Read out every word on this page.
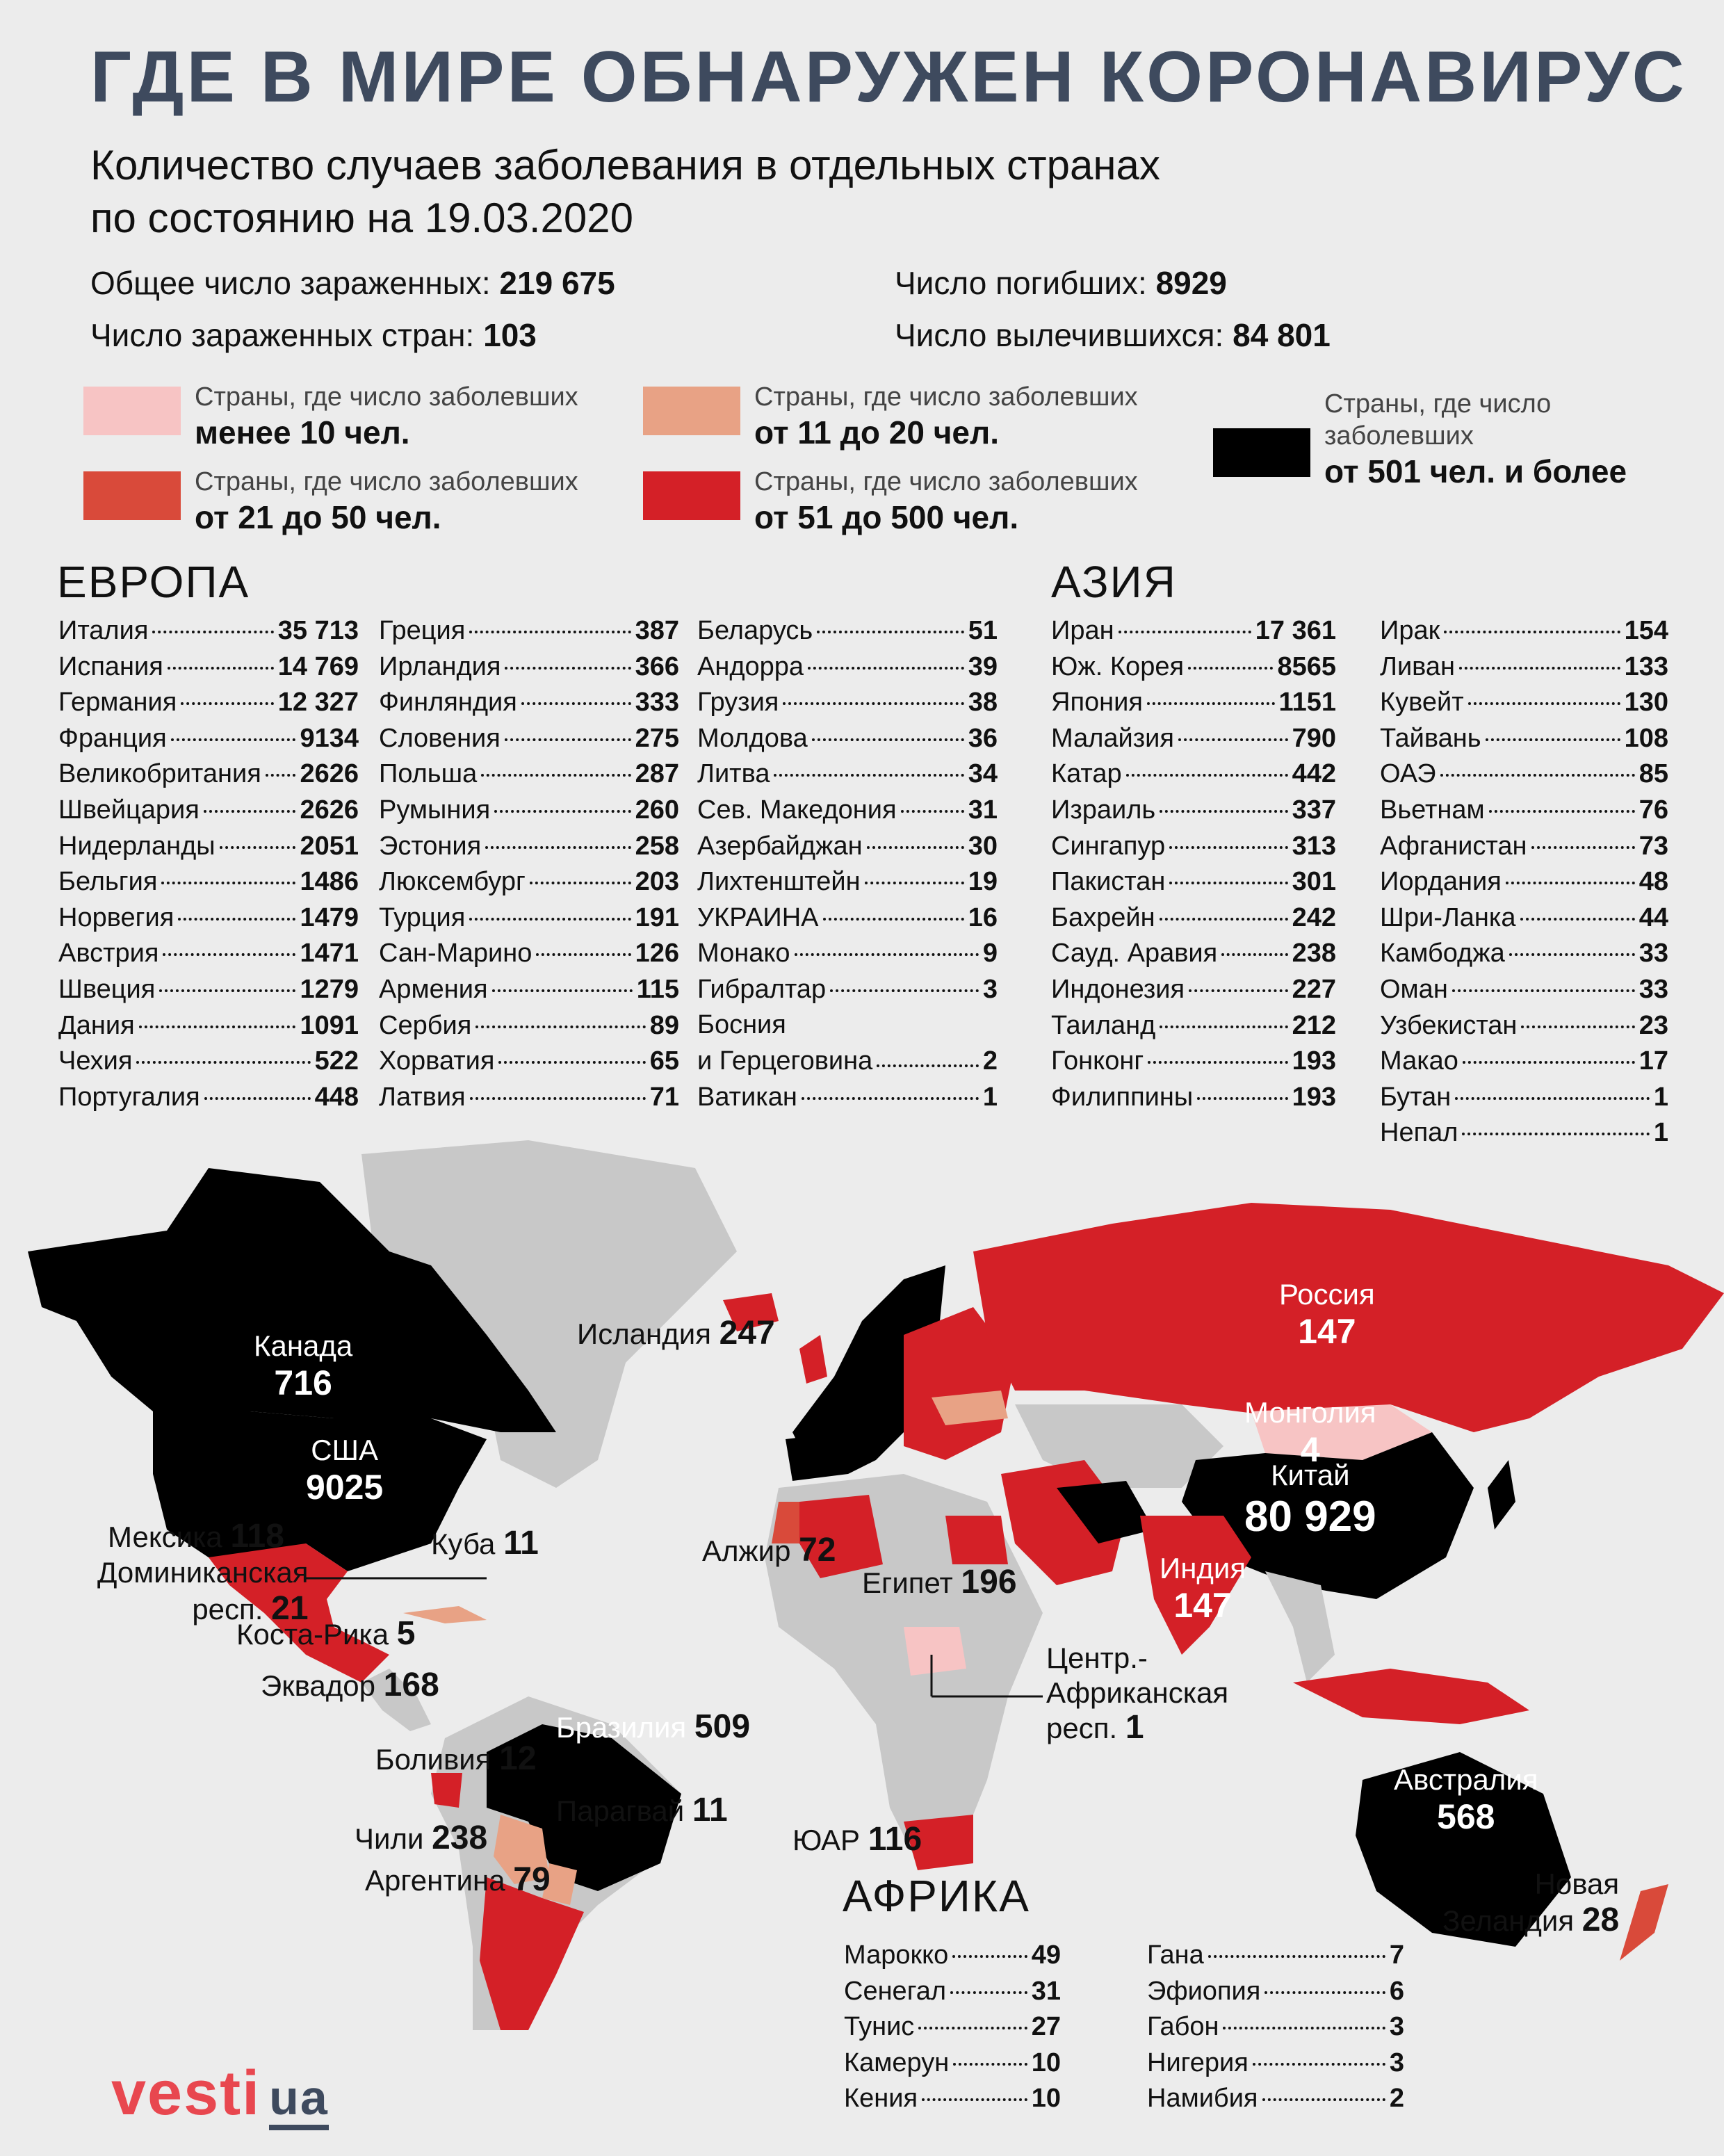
ГДЕ В МИРЕ ОБНАРУЖЕН КОРОНАВИРУС
Количество случаев заболевания в отдельных странах
по состоянию на 19.03.2020
Общее число зараженных: 219 675
Число зараженных стран: 103
Число погибших: 8929
Число вылечившихся: 84 801
Страны, где число заболевших
менее 10 чел.
Страны, где число заболевших
от 11 до 20 чел.
Страны, где число заболевших
от 501 чел. и более
Страны, где число заболевших
от 21 до 50 чел.
Страны, где число заболевших
от 51 до 500 чел.
ЕВРОПА	АЗИЯ
АФРИКА
Италия	35 713
Испания	14 769
Германия	12 327
Франция	9134
Великобритания 2626
Швейцария	2626
Нидерланды	2051
Бельгия	1486
Норвегия	1479
Австрия	1471
Швеция	1279
Дания	1091
Чехия	522
Португалия	448
Греция	387
Ирландия	366
Финляндия	333
Словения	275
Польша	287
Румыния	260
Эстония	258
Люксембург	203
Турция	191
Сан-Марино	126
Армения	115
Сербия	89
Хорватия	65
Латвия	71
Беларусь	51
Андорра	39
Грузия	38
Молдова	36
Литва	34
Сев. Македония	31
Азербайджан	30
Лихтенштейн	19
УКРАИНА	16
Монако	9
Гибралтар	3
Босния
и Герцеговина	2
Ватикан	1
Иран	17 361
Юж. Корея	8565
Япония	1151
Малайзия	790
Катар	442
Израиль	337
Сингапур	313
Пакистан	301
Бахрейн	242
Сауд. Аравия	238
Индонезия	227
Таиланд	212
Гонконг	193
Филиппины	193
Ирак	154
Ливан	133
Кувейт	130
Тайвань	108
ОАЭ	85
Вьетнам	76
Афганистан	73
Иордания	48
Шри-Ланка	44
Камбоджа	33
Оман	33
Узбекистан	23
Макао	17
Бутан	1
Непал	1
Марокко	49
Сенегал	31
Тунис	27
Камерун	10
Кения	10
Гана	7
Эфиопия	6
Габон	3
Нигерия	3
Намибия	2
Канада
716
США
9025
Исландия 247
Россия
147
Монголия
4
Китай
80 929
Индия
147
Мексика 118	Куба 11
Доминиканская
респ. 21
Коста-Рика 5
Эквадор 168
Бразилия 509
Боливия 12
Парагвай 11
Чили 238
Аргентина 79
Алжир 72
Египет 196
Центр.-
Африканская
респ. 1
ЮАР 116
Австралия
568
Новая
Зеландия 28
vesti ua
